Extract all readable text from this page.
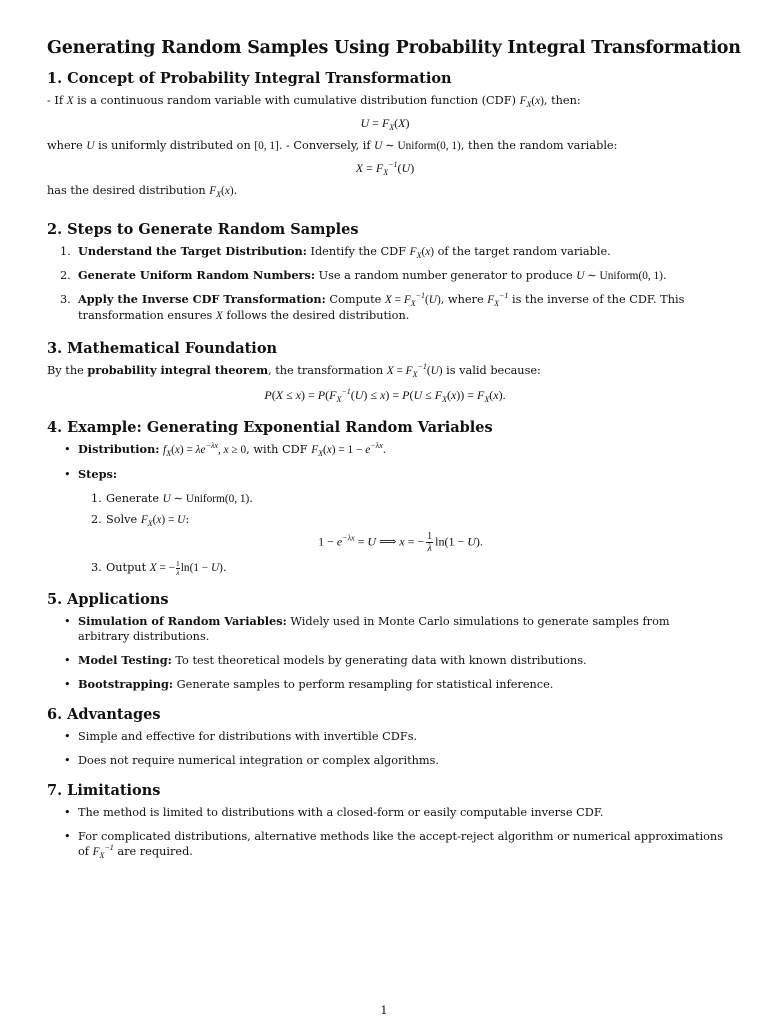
Generating Random Samples Using Probability Integral Transformation
1. Concept of Probability Integral Transformation

- If X is a continuous random variable with cumulative distribution function (CDF) $F_X(x)$, then:

$U = F_X(X)$

where U is uniformly distributed on [0, 1]. - Conversely, if U ∼ Uniform(0, 1), then the random variable:

$X = F_X^{-1}(U)$

has the desired distribution $F_X(x)$.

2. Steps to Generate Random Samples
1. Understand the Target Distribution: Identify the CDF $F_X(x)$ of the target random variable.
2. Generate Uniform Random Numbers: Use a random number generator to produce U ∼ Uniform(0, 1).
3. Apply the Inverse CDF Transformation: Compute $X = F_X^{-1}(U)$, where $F_X^{-1}$ is the inverse of the CDF. This transformation ensures X follows the desired distribution.
3. Mathematical Foundation

By the probability integral theorem, the transformation $X = F_X^{-1}(U)$ is valid because:

$P(X \le x) = P(F_X^{-1}(U) \le x) = P(U \le F_X(x)) = F_X(x)$.
4. Example: Generating Exponential Random Variables
• Distribution: $f_X(x) = \lambda e^{-\lambda x}$, x ≥ 0, with CDF $F_X(x) = 1 - e^{-\lambda x}$.
• Steps:
1. Generate U ∼ Uniform(0, 1).
2. Solve $F_X(x) = U$:
$1 - e^{-\lambda x} = U$ ⟹ x = − $\frac{1}{\lambda} \ln(1 - U)$.
3. Output X = − $\frac{1}{\lambda} \ln(1 - U)$.
5. Applications
• Simulation of Random Variables: Widely used in Monte Carlo simulations to generate samples from arbitrary distributions.
• Model Testing: To test theoretical models by generating data with known distributions.
• Bootstrapping: Generate samples to perform resampling for statistical inference.
6. Advantages
• Simple and effective for distributions with invertible CDFs.
• Does not require numerical integration or complex algorithms.
7. Limitations
• The method is limited to distributions with a closed-form or easily computable inverse CDF.
• For complicated distributions, alternative methods like the accept-reject algorithm or numerical approximations of $F_X^{-1}$ are required.
1
